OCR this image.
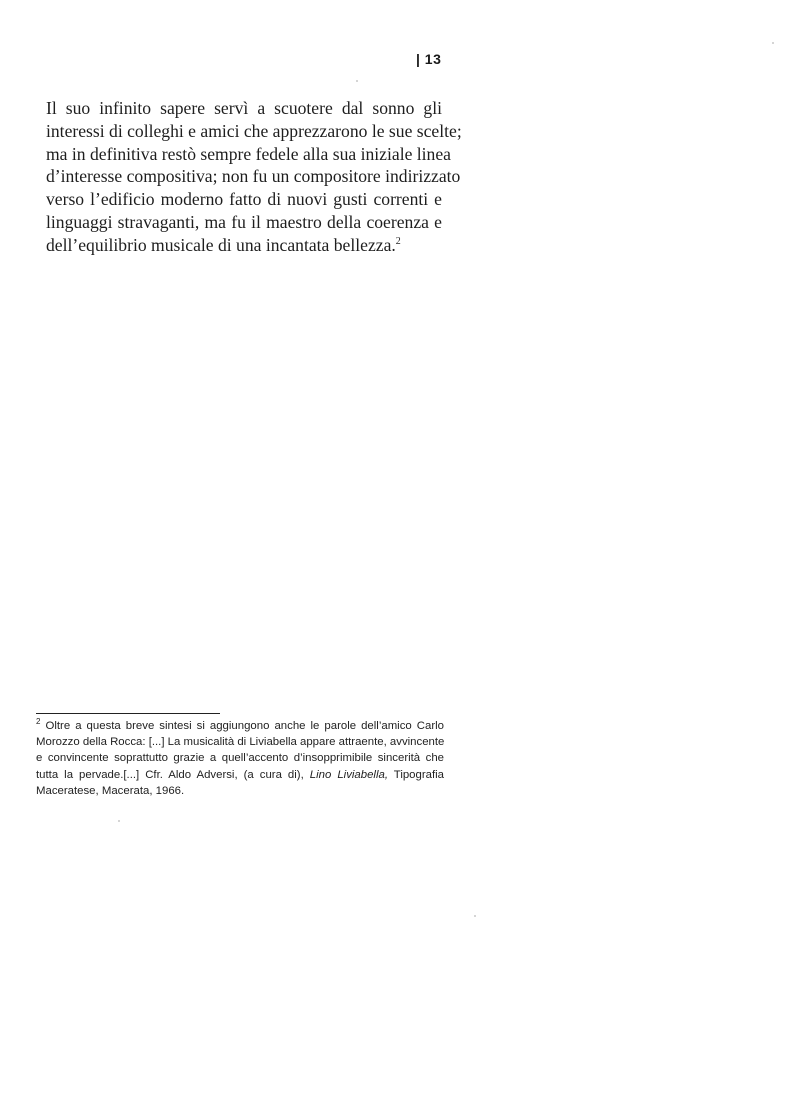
| 13
Il suo infinito sapere servì a scuotere dal sonno gli
interessi di colleghi e amici che apprezzarono le sue scelte;
ma in definitiva restò sempre fedele alla sua iniziale linea
d’interesse compositiva; non fu un compositore indirizzato
verso l’edificio moderno fatto di nuovi gusti correnti e
linguaggi stravaganti, ma fu il maestro della coerenza e
dell’equilibrio musicale di una incantata bellezza.$^2$
$^2$ Oltre a questa breve sintesi si aggiungono anche le parole dell’amico Carlo
Morozzo della Rocca: [...] La musicalità di Liviabella appare attraente, avvincente
e convincente soprattutto grazie a quell’accento d’insopprimibile sincerità che
tutta la pervade.[...] Cfr. Aldo Adversi, (a cura di), Lino Liviabella, Tipografia
Maceratese, Macerata, 1966.
